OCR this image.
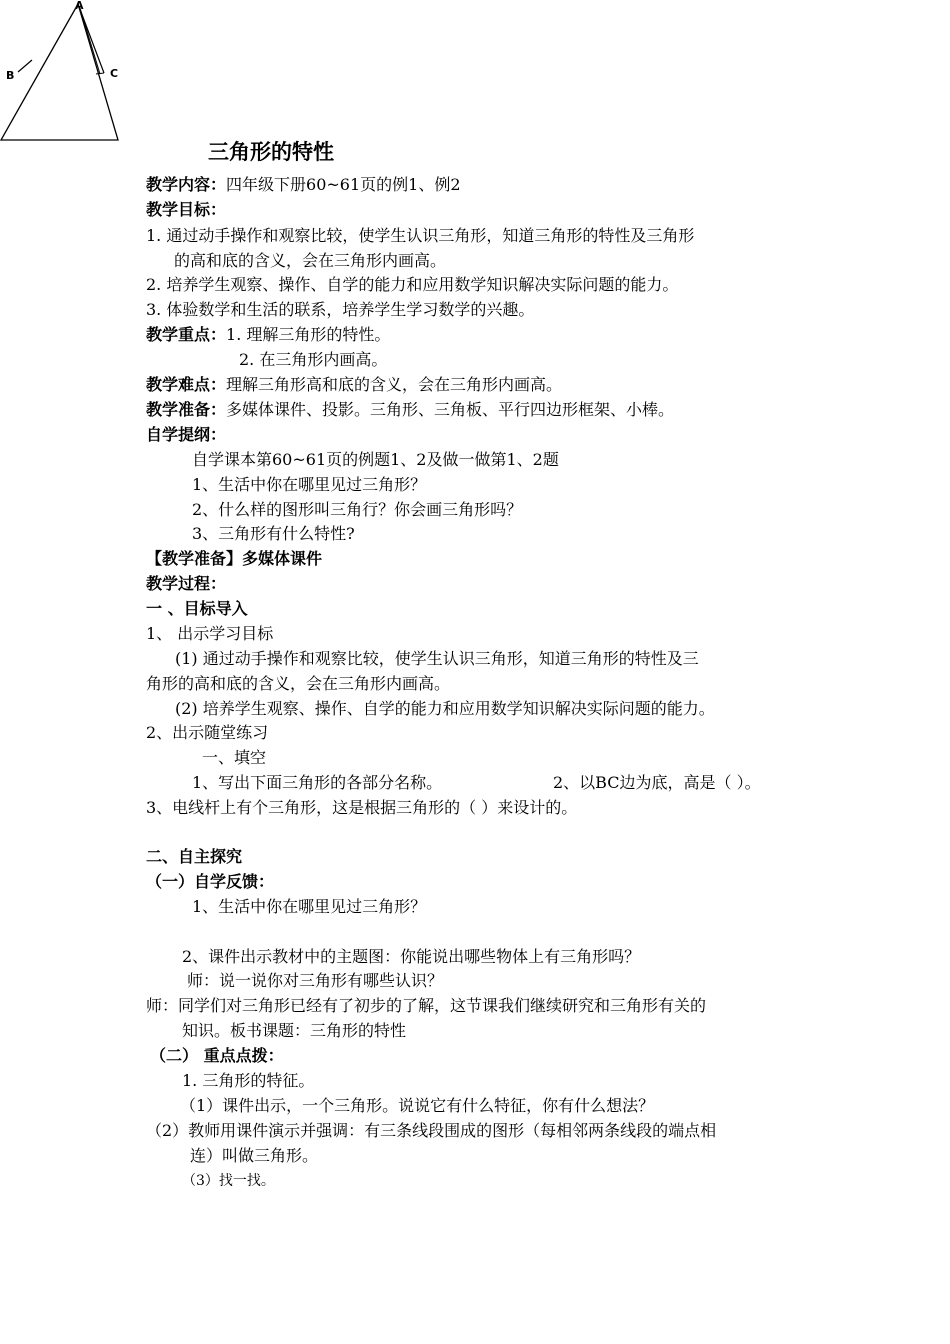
A
B	C
三角形的特性
教学内容：四年级下册60~61页的例1、例2
教学目标：
1. 通过动手操作和观察比较，使学生认识三角形，知道三角形的特性及三角形
的高和底的含义，会在三角形内画高。
2. 培养学生观察、操作、自学的能力和应用数学知识解决实际问题的能力。
3. 体验数学和生活的联系，培养学生学习数学的兴趣。
教学重点：1. 理解三角形的特性。
2. 在三角形内画高。
教学难点：理解三角形高和底的含义，会在三角形内画高。
教学准备：多媒体课件、投影。三角形、三角板、平行四边形框架、小棒。
自学提纲：
自学课本第60~61页的例题1、2及做一做第1、2题
1、生活中你在哪里见过三角形？
2、什么样的图形叫三角行？你会画三角形吗？
3、三角形有什么特性?
【教学准备】多媒体课件
教学过程：
一 、目标导入
1、 出示学习目标
(1) 通过动手操作和观察比较，使学生认识三角形，知道三角形的特性及三
角形的高和底的含义，会在三角形内画高。
(2) 培养学生观察、操作、自学的能力和应用数学知识解决实际问题的能力。
2、出示随堂练习
一、填空
1、写出下面三角形的各部分名称。	2、以BC边为底，高是（ ）。
3、电线杆上有个三角形，这是根据三角形的（ ）来设计的。
二、自主探究
（一）自学反馈：
1、生活中你在哪里见过三角形？
2、课件出示教材中的主题图：你能说出哪些物体上有三角形吗？
师：说一说你对三角形有哪些认识？
师：同学们对三角形已经有了初步的了解，这节课我们继续研究和三角形有关的
知识。板书课题：三角形的特性
（二） 重点点拨：
1. 三角形的特征。
（1）课件出示，一个三角形。说说它有什么特征，你有什么想法？
（2）教师用课件演示并强调：有三条线段围成的图形（每相邻两条线段的端点相
连）叫做三角形。
（3）找一找。
